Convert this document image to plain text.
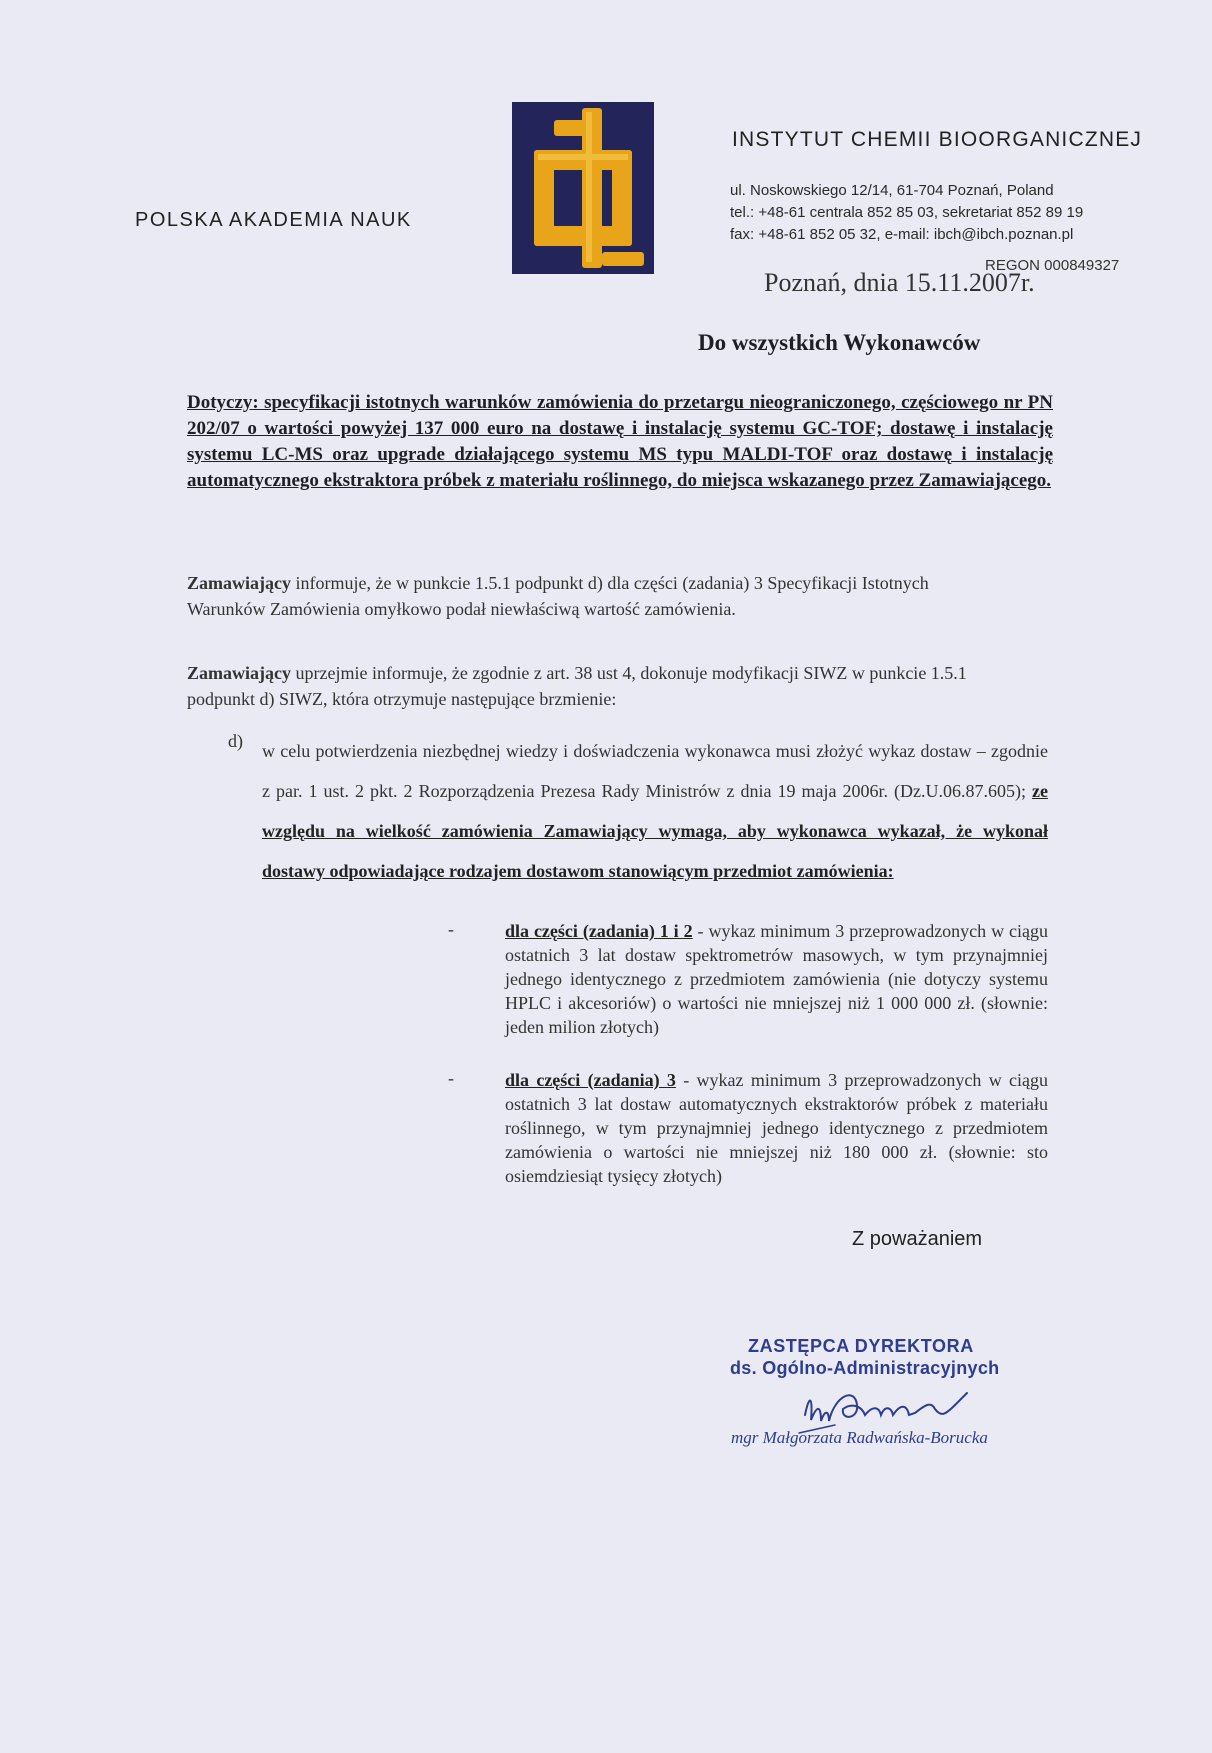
POLSKA AKADEMIA NAUK
INSTYTUT CHEMII BIOORGANICZNEJ
ul. Noskowskiego 12/14, 61-704 Poznań, Poland
tel.: +48-61 centrala 852 85 03, sekretariat 852 89 19
fax: +48-61 852 05 32, e-mail: ibch@ibch.poznan.pl
REGON 000849327
Poznań, dnia 15.11.2007r.
Do wszystkich Wykonawców
Dotyczy: specyfikacji istotnych warunków zamówienia do przetargu nieograniczonego, częściowego nr PN 202/07 o wartości powyżej 137 000 euro na dostawę i instalację systemu GC-TOF; dostawę i instalację systemu LC-MS oraz upgrade działającego systemu MS typu MALDI-TOF oraz dostawę i instalację automatycznego ekstraktora próbek z materiału roślinnego, do miejsca wskazanego przez Zamawiającego.
Zamawiający informuje, że w punkcie 1.5.1 podpunkt d) dla części (zadania) 3 Specyfikacji Istotnych Warunków Zamówienia omyłkowo podał niewłaściwą wartość zamówienia.
Zamawiający uprzejmie informuje, że zgodnie z art. 38 ust 4, dokonuje modyfikacji SIWZ w punkcie 1.5.1 podpunkt d) SIWZ, która otrzymuje następujące brzmienie:
d) w celu potwierdzenia niezbędnej wiedzy i doświadczenia wykonawca musi złożyć wykaz dostaw – zgodnie z par. 1 ust. 2 pkt. 2 Rozporządzenia Prezesa Rady Ministrów z dnia 19 maja 2006r. (Dz.U.06.87.605); ze względu na wielkość zamówienia Zamawiający wymaga, aby wykonawca wykazał, że wykonał dostawy odpowiadające rodzajem dostawom stanowiącym przedmiot zamówienia:
-	dla części (zadania) 1 i 2 - wykaz minimum 3 przeprowadzonych w ciągu ostatnich 3 lat dostaw spektrometrów masowych, w tym przynajmniej jednego identycznego z przedmiotem zamówienia (nie dotyczy systemu HPLC i akcesoriów) o wartości nie mniejszej niż 1 000 000 zł. (słownie: jeden milion złotych)
-	dla części (zadania) 3 - wykaz minimum 3 przeprowadzonych w ciągu ostatnich 3 lat dostaw automatycznych ekstraktorów próbek z materiału roślinnego, w tym przynajmniej jednego identycznego z przedmiotem zamówienia o wartości nie mniejszej niż 180 000 zł. (słownie: sto osiemdziesiąt tysięcy złotych)
Z poważaniem
ZASTĘPCA DYREKTORA
ds. Ogólno-Administracyjnych
mgr Małgorzata Radwańska-Borucka
